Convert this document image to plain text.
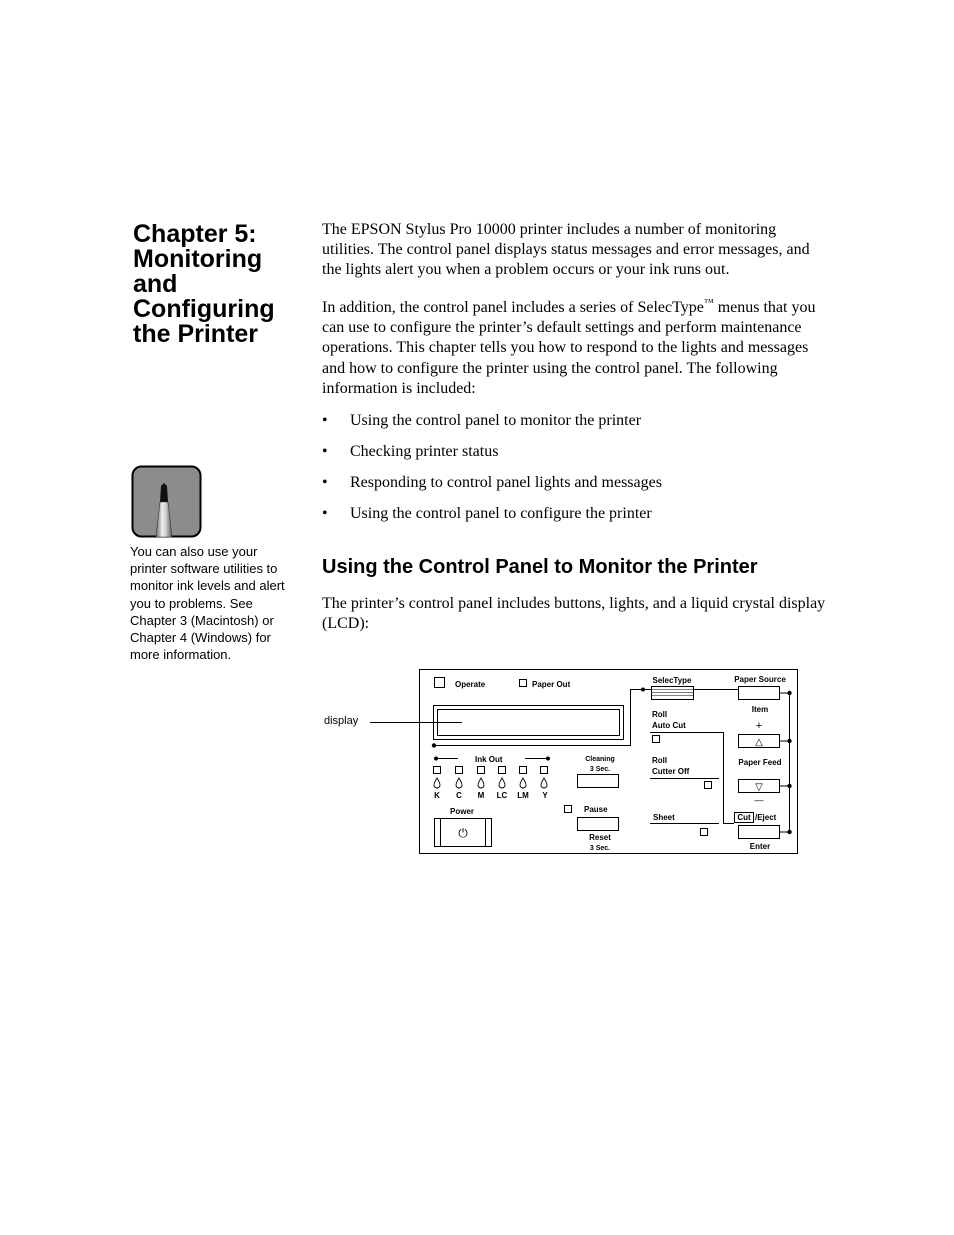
Chapter 5:
Monitoring
and
Configuring
the Printer
You can also use your printer software utilities to monitor ink levels and alert you to problems. See Chapter 3 (Macintosh) or Chapter 4 (Windows) for more information.

The EPSON Stylus Pro 10000 printer includes a number of monitoring utilities. The control panel displays status messages and error messages, and the lights alert you when a problem occurs or your ink runs out.

In addition, the control panel includes a series of SelecType™ menus that you can use to configure the printer’s default settings and perform maintenance operations. This chapter tells you how to respond to the lights and messages and how to configure the printer using the control panel. The following information is included:

• Using the control panel to monitor the printer
• Checking printer status
• Responding to control panel lights and messages
• Using the control panel to configure the printer
Using the Control Panel to Monitor the Printer

The printer’s control panel includes buttons, lights, and a liquid crystal display (LCD):

display
Operate	Paper Out
Ink Out
K C M LC LM Y
Cleaning
3 Sec.
Power
⏻
Pause
Reset
3 Sec.
SelecType
Roll
Auto Cut
Roll
Cutter Off
Sheet
Paper Source
Item
+
△
Paper Feed
▽
—
Cut /Eject
Enter
